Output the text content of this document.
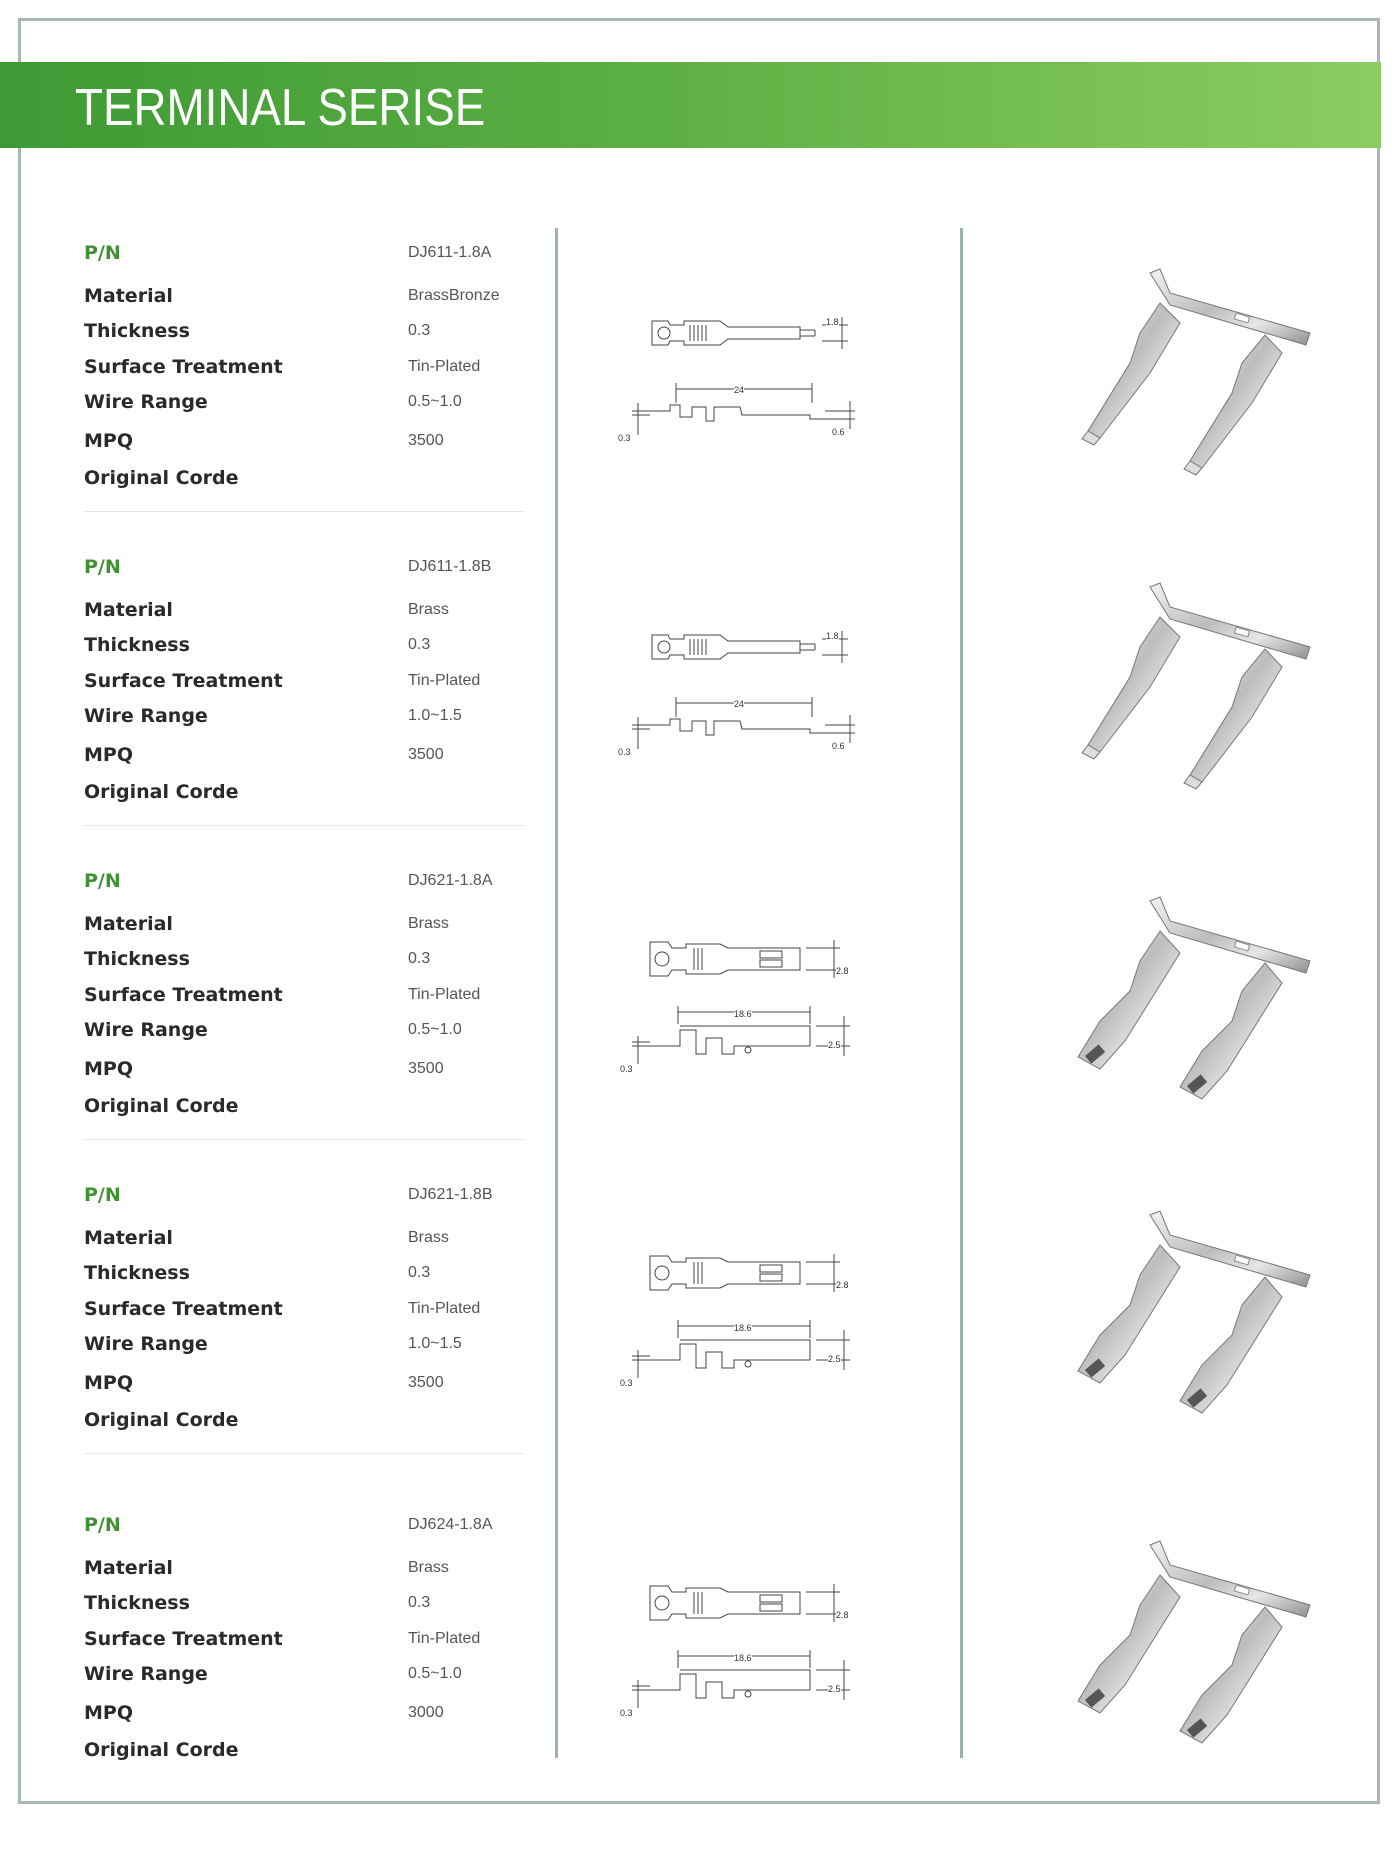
TERMINAL SERISE
P/N	DJ611-1.8A
Material	BrassBronze
Thickness	0.3
Surface Treatment	Tin-Plated
Wire Range	0.5~1.0
MPQ	3500
Original Corde
1.8
24
0.3
0.6
P/N	DJ611-1.8B
Material	Brass
Thickness	0.3
Surface Treatment	Tin-Plated
Wire Range	1.0~1.5
MPQ	3500
Original Corde
1.8
24
0.3
0.6
P/N	DJ621-1.8A
Material	Brass
Thickness	0.3
Surface Treatment	Tin-Plated
Wire Range	0.5~1.0
MPQ	3500
Original Corde
2.8
18.6
0.3
2.5
P/N	DJ621-1.8B
Material	Brass
Thickness	0.3
Surface Treatment	Tin-Plated
Wire Range	1.0~1.5
MPQ	3500
Original Corde
2.8
18.6
0.3
2.5
P/N	DJ624-1.8A
Material	Brass
Thickness	0.3
Surface Treatment	Tin-Plated
Wire Range	0.5~1.0
MPQ	3000
Original Corde
2.8
18.6
0.3
2.5
